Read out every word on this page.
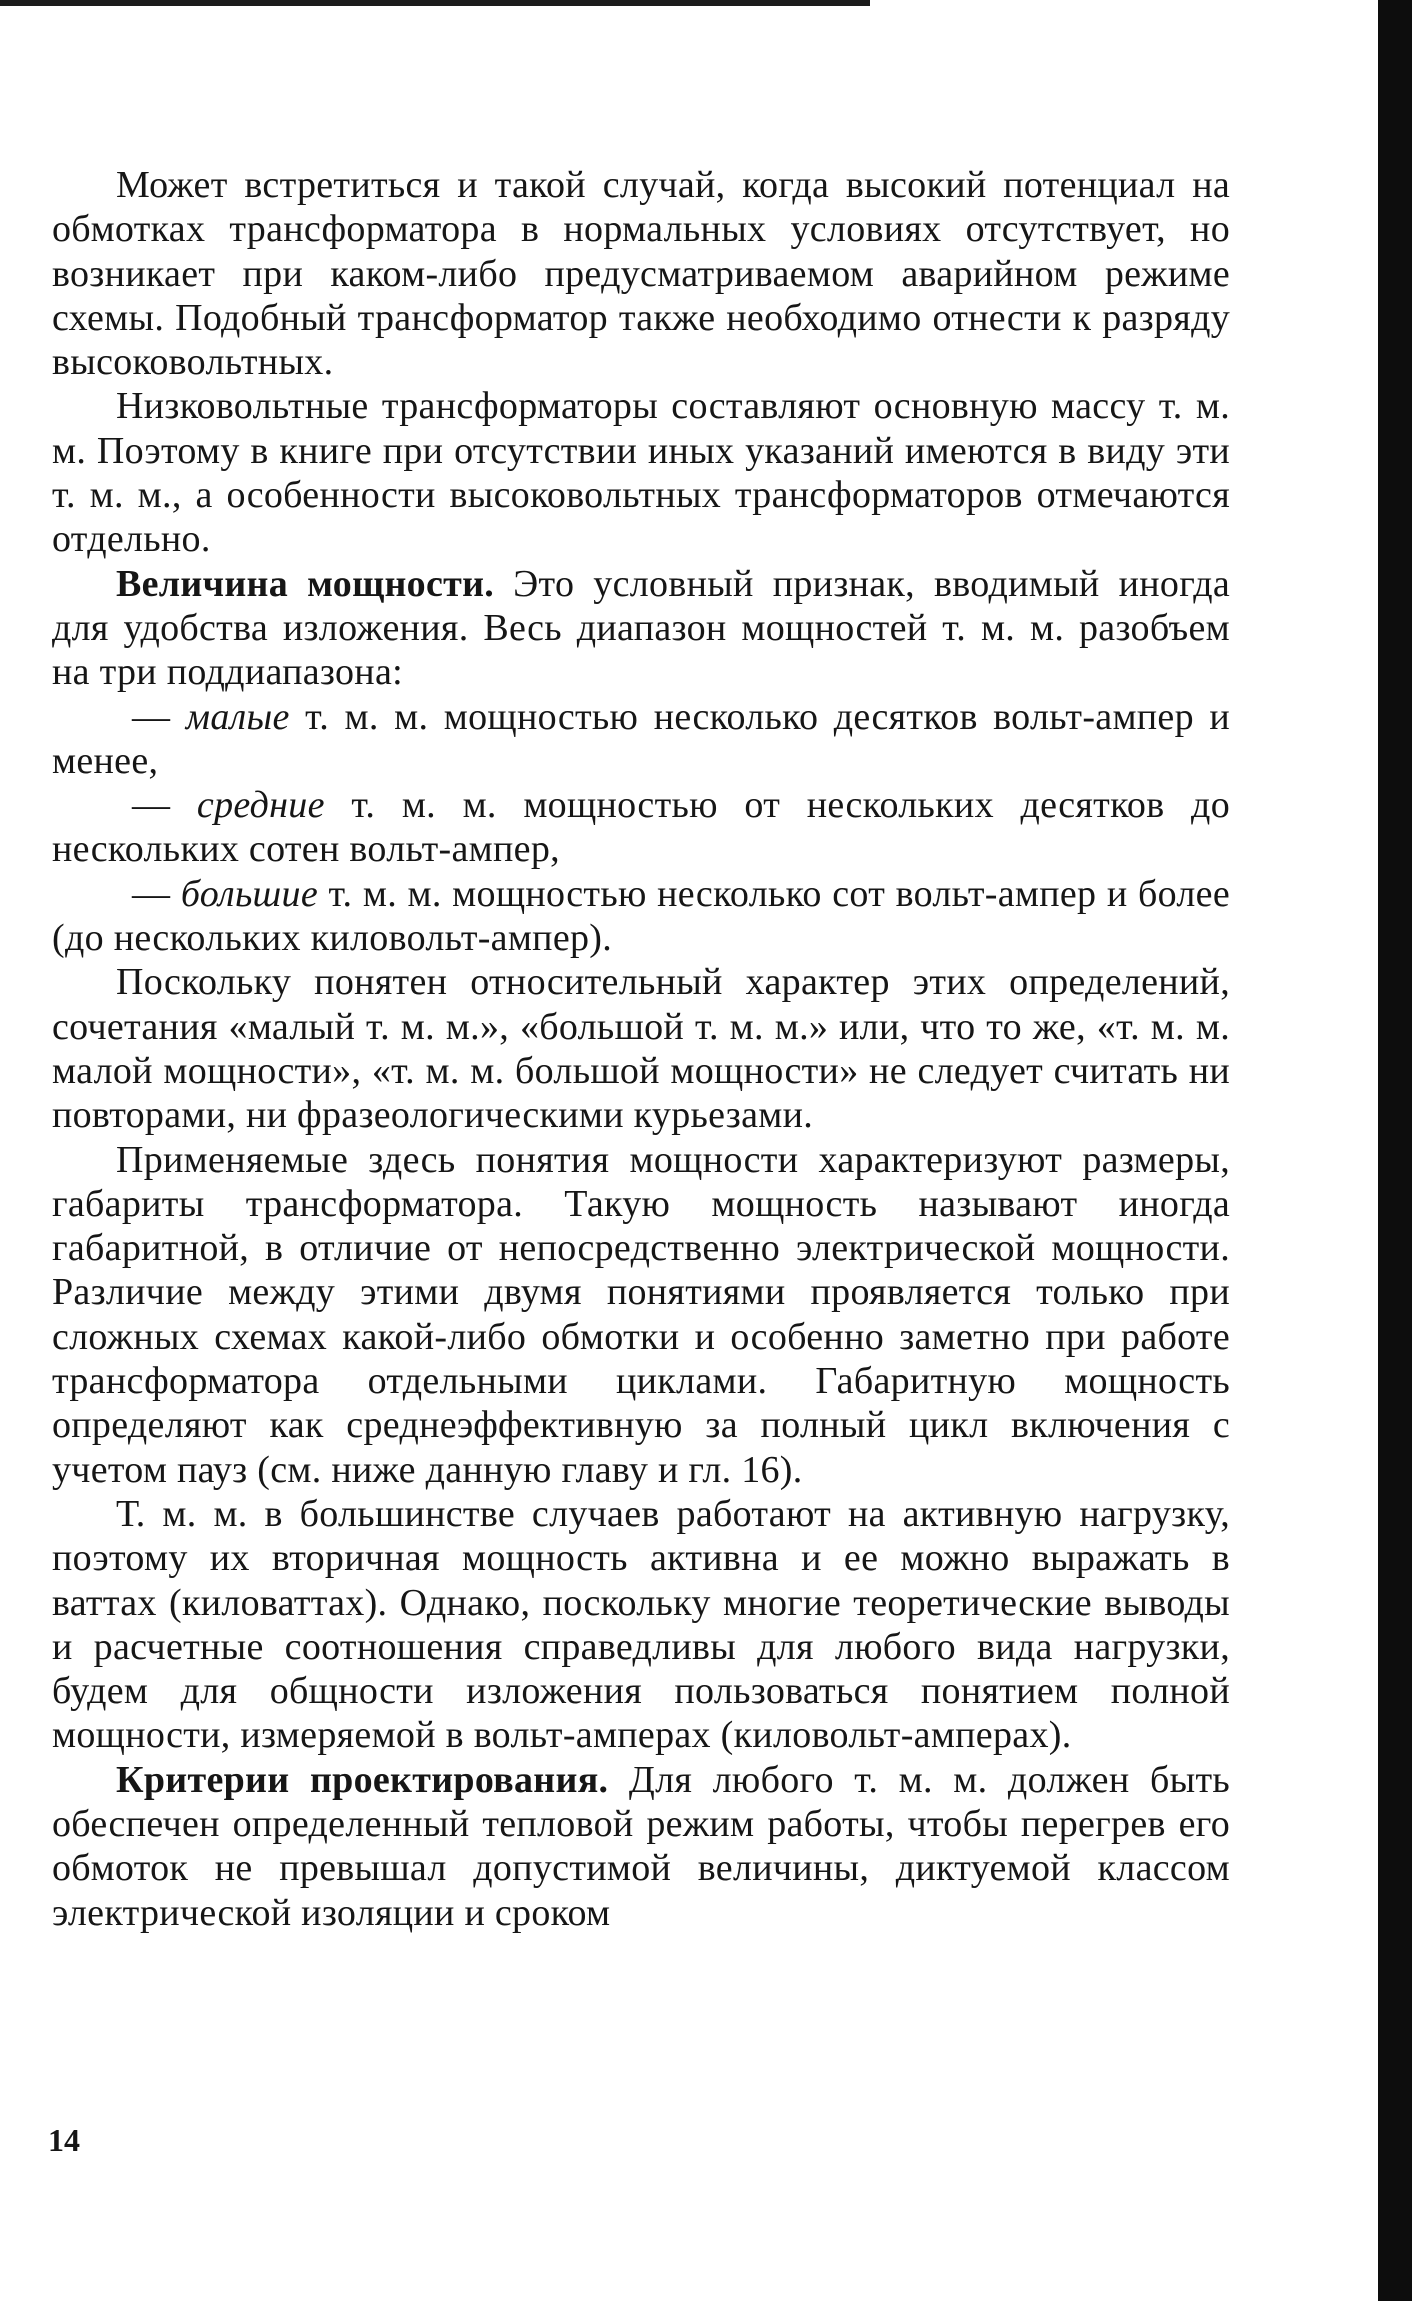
Может встретиться и такой случай, когда высокий потенциал на обмотках трансформатора в нормальных условиях отсутствует, но возникает при каком-либо предусматриваемом аварийном режиме схемы. Подобный трансформатор также необходимо отнести к разряду высоковольтных.

Низковольтные трансформаторы составляют основную массу т. м. м. Поэтому в книге при отсутствии иных указаний имеются в виду эти т. м. м., а особенности высоковольтных трансформаторов отмечаются отдельно.

Величина мощности. Это условный признак, вводимый иногда для удобства изложения. Весь диапазон мощностей т. м. м. разобъем на три поддиапазона:

— малые т. м. м. мощностью несколько десятков вольт-ампер и менее,

— средние т. м. м. мощностью от нескольких десятков до нескольких сотен вольт-ампер,

— большие т. м. м. мощностью несколько сот вольт-ампер и более (до нескольких киловольт-ампер).

Поскольку понятен относительный характер этих определений, сочетания «малый т. м. м.», «большой т. м. м.» или, что то же, «т. м. м. малой мощности», «т. м. м. большой мощности» не следует считать ни повторами, ни фразеологическими курьезами.

Применяемые здесь понятия мощности характеризуют размеры, габариты трансформатора. Такую мощность называют иногда габаритной, в отличие от непосредственно электрической мощности. Различие между этими двумя понятиями проявляется только при сложных схемах какой-либо обмотки и особенно заметно при работе трансформатора отдельными циклами. Габаритную мощность определяют как среднеэффективную за полный цикл включения с учетом пауз (см. ниже данную главу и гл. 16).

Т. м. м. в большинстве случаев работают на активную нагрузку, поэтому их вторичная мощность активна и ее можно выражать в ваттах (киловаттах). Однако, поскольку многие теоретические выводы и расчетные соотношения справедливы для любого вида нагрузки, будем для общности изложения пользоваться понятием полной мощности, измеряемой в вольт-амперах (киловольт-амперах).

Критерии проектирования. Для любого т. м. м. должен быть обеспечен определенный тепловой режим работы, чтобы перегрев его обмоток не превышал допустимой величины, диктуемой классом электрической изоляции и сроком

14
